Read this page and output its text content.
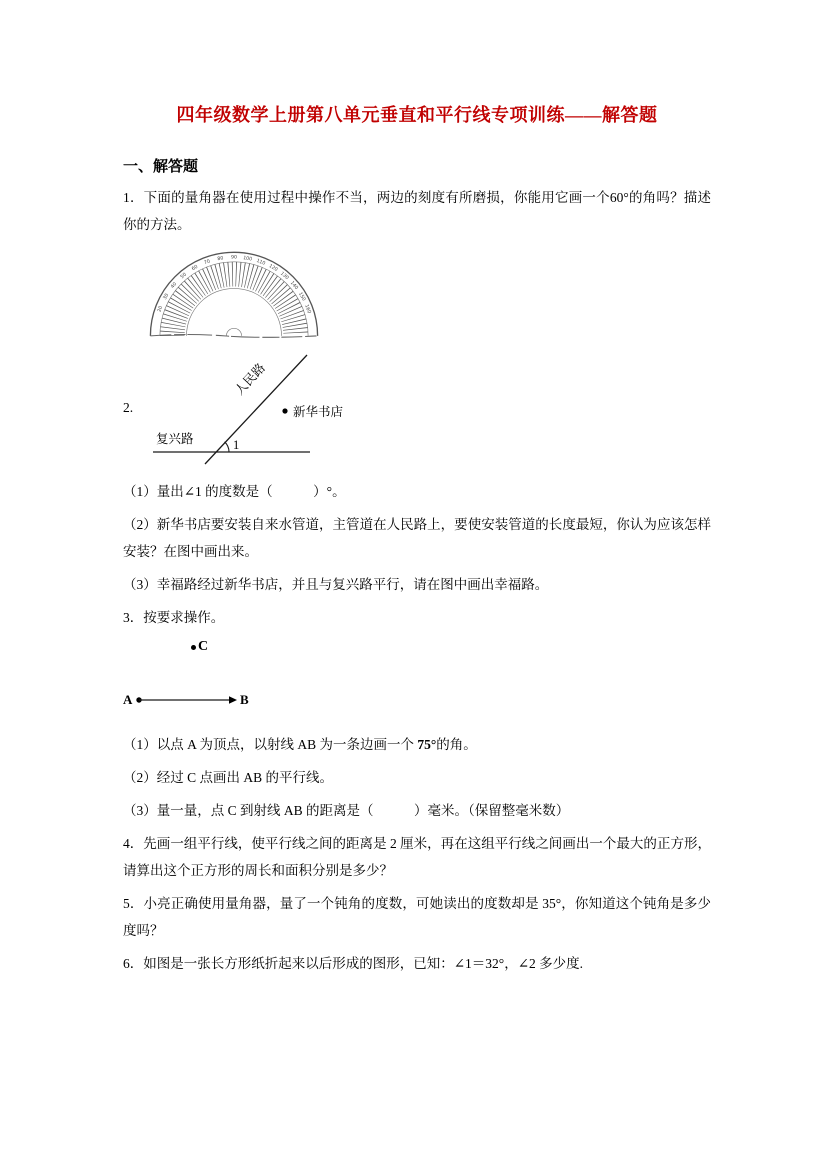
四年级数学上册第八单元垂直和平行线专项训练——解答题

一、解答题

1．下面的量角器在使用过程中操作不当，两边的刻度有所磨损，你能用它画一个60°的角吗？描述你的方法。

20
30
40
50
60
70
80 90 100 110
120
130
140
150
160
2.
1
人民路
新华书店
复兴路

（1）量出∠1 的度数是（　　　）°。

（2）新华书店要安装自来水管道，主管道在人民路上，要使安装管道的长度最短，你认为应该怎样安装？在图中画出来。

（3）幸福路经过新华书店，并且与复兴路平行，请在图中画出幸福路。

3．按要求操作。

C
A	B

（1）以点 A 为顶点，以射线 AB 为一条边画一个 75°的角。

（2）经过 C 点画出 AB 的平行线。

（3）量一量，点 C 到射线 AB 的距离是（　　　）毫米。（保留整毫米数）

4．先画一组平行线，使平行线之间的距离是 2 厘米，再在这组平行线之间画出一个最大的正方形，请算出这个正方形的周长和面积分别是多少？

5．小亮正确使用量角器，量了一个钝角的度数，可她读出的度数却是 35°，你知道这个钝角是多少度吗？

6．如图是一张长方形纸折起来以后形成的图形，已知：∠1＝32°，∠2 多少度.
